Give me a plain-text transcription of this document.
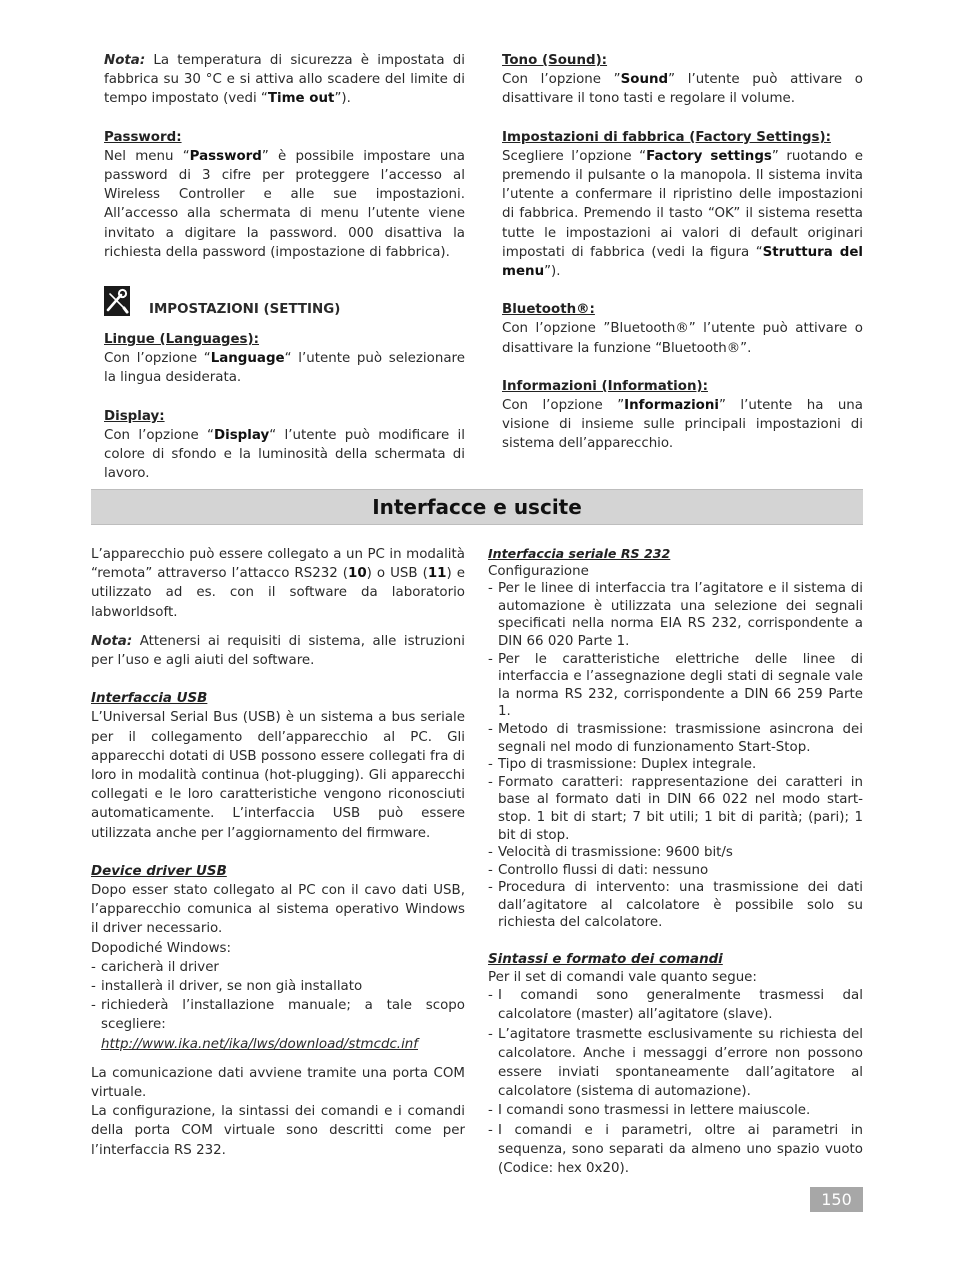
Nota: La temperatura di sicurezza è impostata di fabbrica su 30 °C e si attiva allo scadere del limite di tempo impostato (vedi “Time out”).

Password:

Nel menu “Password” è possibile impostare una password di 3 cifre per proteggere l’accesso al Wireless Controller e alle sue impostazioni. All’accesso alla schermata di menu l’utente viene invitato a digitare la password. 000 disattiva la richiesta della password (impostazione di fabbrica).

IMPOSTAZIONI (SETTING)

Lingue (Languages):

Con l’opzione “Language“ l’utente può selezionare la lingua desiderata.

Display:

Con l’opzione “Display“ l’utente può modificare il colore di sfondo e la luminosità della schermata di lavoro.

Tono (Sound):

Con l’opzione ”Sound” l’utente può attivare o disattivare il tono tasti e regolare il volume.

Impostazioni di fabbrica (Factory Settings):

Scegliere l’opzione “Factory settings” ruotando e premendo il pulsante o la manopola. Il sistema invita l’utente a confermare il ripristino delle impostazioni di fabbrica. Premendo il tasto “OK” il sistema resetta tutte le impostazioni ai valori di default originari impostati di fabbrica (vedi la figura “Struttura del menu”).

Bluetooth®:

Con l’opzione ”Bluetooth®” l’utente può attivare o disattivare la funzione “Bluetooth®”.

Informazioni (Information):

Con l’opzione ”Informazioni” l’utente ha una visione di insieme sulle principali impostazioni di sistema dell’apparecchio.

Interfacce e uscite

L’apparecchio può essere collegato a un PC in modalità “remota” attraverso l’attacco RS232 (10) o USB (11) e utilizzato ad es. con il software da laboratorio labworldsoft.

Nota: Attenersi ai requisiti di sistema, alle istruzioni per l’uso e agli aiuti del software.

Interfaccia USB

L’Universal Serial Bus (USB) è un sistema a bus seriale per il collegamento dell’apparecchio al PC. Gli apparecchi dotati di USB possono essere collegati fra di loro in modalità continua (hot-plugging). Gli apparecchi collegati e le loro caratteristiche vengono riconosciuti automaticamente. L’interfaccia USB può essere utilizzata anche per l’aggiornamento del firmware.

Device driver USB

Dopo esser stato collegato al PC con il cavo dati USB, l’apparecchio comunica al sistema operativo Windows il driver necessario.

Dopodiché Windows:

- caricherà il driver
- installerà il driver, se non già installato
- richiederà l’installazione manuale; a tale scopo scegliere:
http://www.ika.net/ika/lws/download/stmcdc.inf

La comunicazione dati avviene tramite una porta COM virtuale.

La configurazione, la sintassi dei comandi e i comandi della porta COM virtuale sono descritti come per l’interfaccia RS 232.

Interfaccia seriale RS 232

Configurazione

- Per le linee di interfaccia tra l’agitatore e il sistema di automazione è utilizzata una selezione dei segnali specificati nella norma EIA RS 232, corrispondente a DIN 66 020 Parte 1.
- Per le caratteristiche elettriche delle linee di interfaccia e l’assegnazione degli stati di segnale vale la norma RS 232, corrispondente a DIN 66 259 Parte 1.
- Metodo di trasmissione: trasmissione asincrona dei segnali nel modo di funzionamento Start-Stop.
- Tipo di trasmissione: Duplex integrale.
- Formato caratteri: rappresentazione dei caratteri in base al formato dati in DIN 66 022 nel modo start-stop. 1 bit di start; 7 bit utili; 1 bit di parità; (pari); 1 bit di stop.
- Velocità di trasmissione: 9600 bit/s
- Controllo flussi di dati: nessuno
- Procedura di intervento: una trasmissione dei dati dall’agitatore al calcolatore è possibile solo su richiesta del calcolatore.

Sintassi e formato dei comandi

Per il set di comandi vale quanto segue:

- I comandi sono generalmente trasmessi dal calcolatore (master) all’agitatore (slave).
- L’agitatore trasmette esclusivamente su richiesta del calcolatore. Anche i messaggi d’errore non possono essere inviati spontaneamente dall’agitatore al calcolatore (sistema di automazione).
- I comandi sono trasmessi in lettere maiuscole.
- I comandi e i parametri, oltre ai parametri in sequenza, sono separati da almeno uno spazio vuoto (Codice: hex 0x20).
150
